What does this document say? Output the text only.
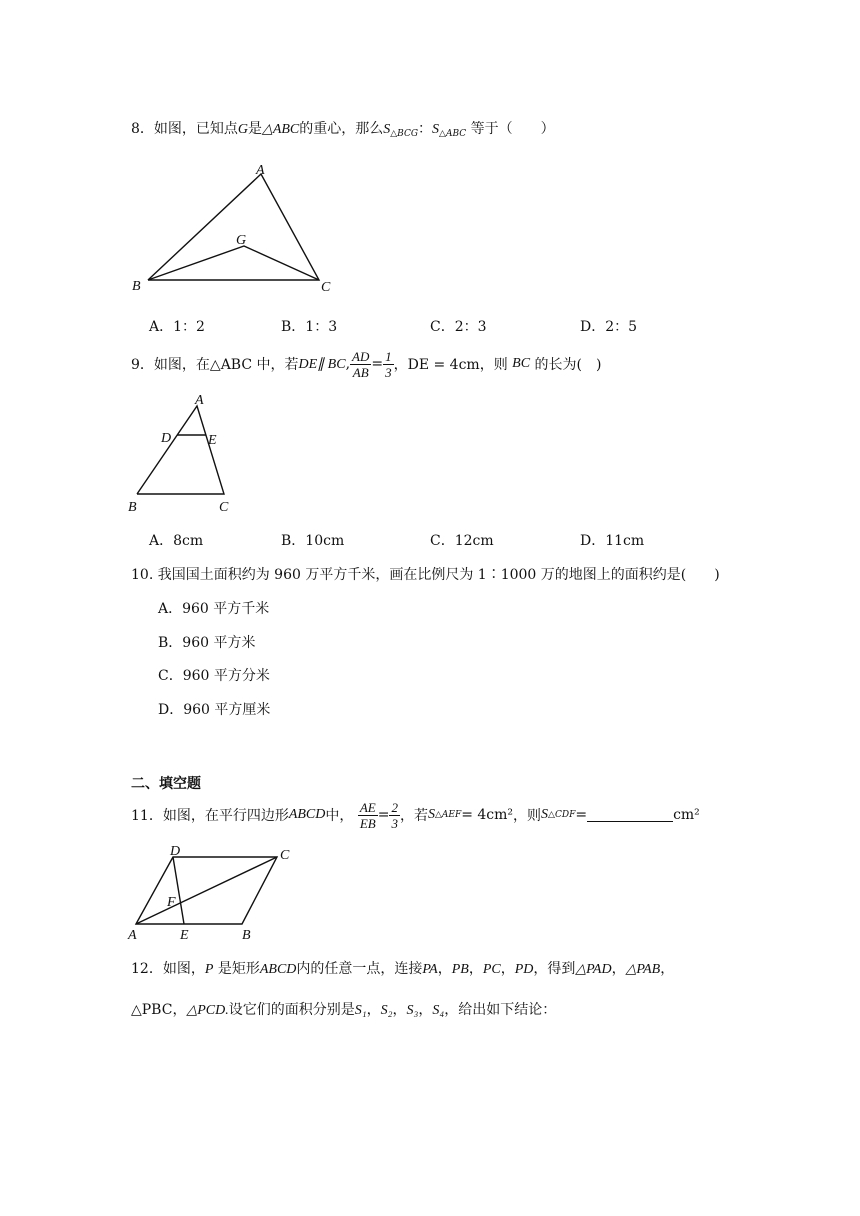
8．如图，已知点G是△ABC的重心，那么$S_{\triangle BCG}$：$S_{\triangle ABC}$ 等于（　　）
A
B	C
G
A．1：2	B．1：3	C．2：3	D．2：5
9． 如图，在△ABC 中，若 DE∥ BC , $\frac{AD}{AB} = \frac{1}{3}$ ，DE = 4cm ，则
BC
的长为(　)
A
D	E
B	C
A．8cm	B．10cm	C．12cm	D．11cm
10. 我国国土面积约为 960 万平方千米，画在比例尺为 1∶1000 万的地图上的面积约是(　　)
A．960 平方千米
B．960 平方米
C．960 平方分米
D．960 平方厘米
二、填空题
11． 如图，在平行四边形 ABCD 中，
$\frac{AE}{EB} = \frac{2}{3}$ ，若 S △AEF = 4cm² ，则 S △CDF =	cm²
D	C
F
A	E	B
12．如图，P 是矩形ABCD内的任意一点，连接PA，PB，PC，PD，得到△PAD，△PAB，
△PBC，△PCD.设它们的面积分别是S₁，S₂，S₃，S₄，给出如下结论：
